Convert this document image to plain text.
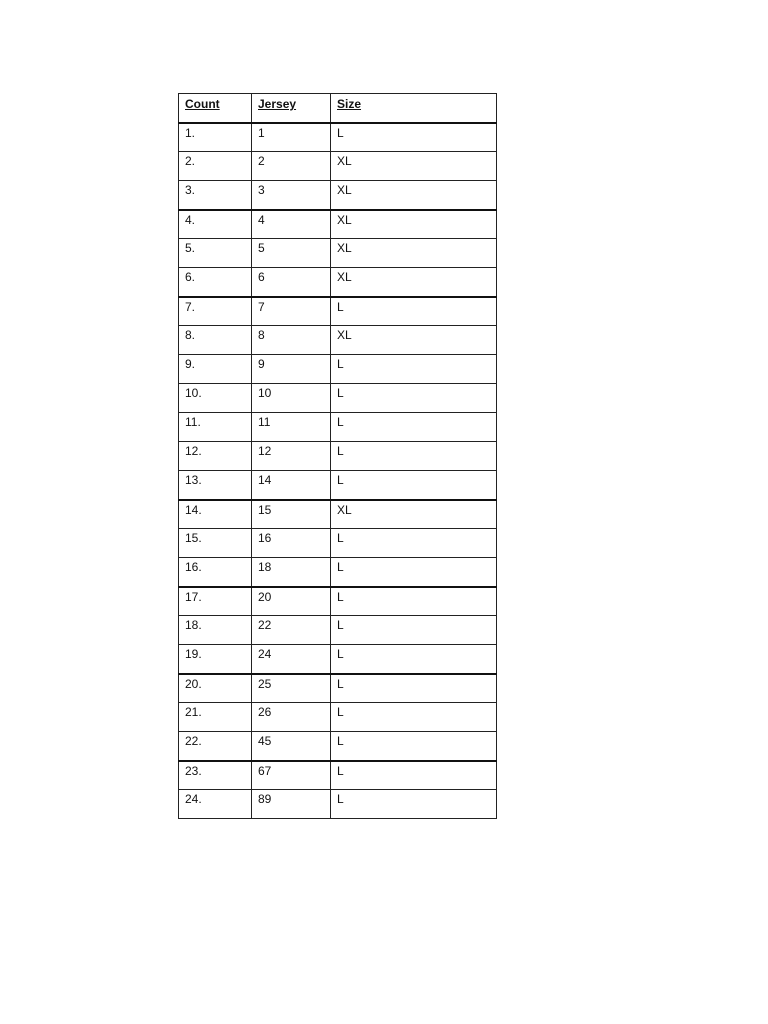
Count	Jersey	Size
1.	1	L
2.	2	XL
3.	3	XL
4.	4	XL
5.	5	XL
6.	6	XL
7.	7	L
8.	8	XL
9.	9	L
10.	10	L
11.	11	L
12.	12	L
13.	14	L
14.	15	XL
15.	16	L
16.	18	L
17.	20	L
18.	22	L
19.	24	L
20.	25	L
21.	26	L
22.	45	L
23.	67	L
24.	89	L
